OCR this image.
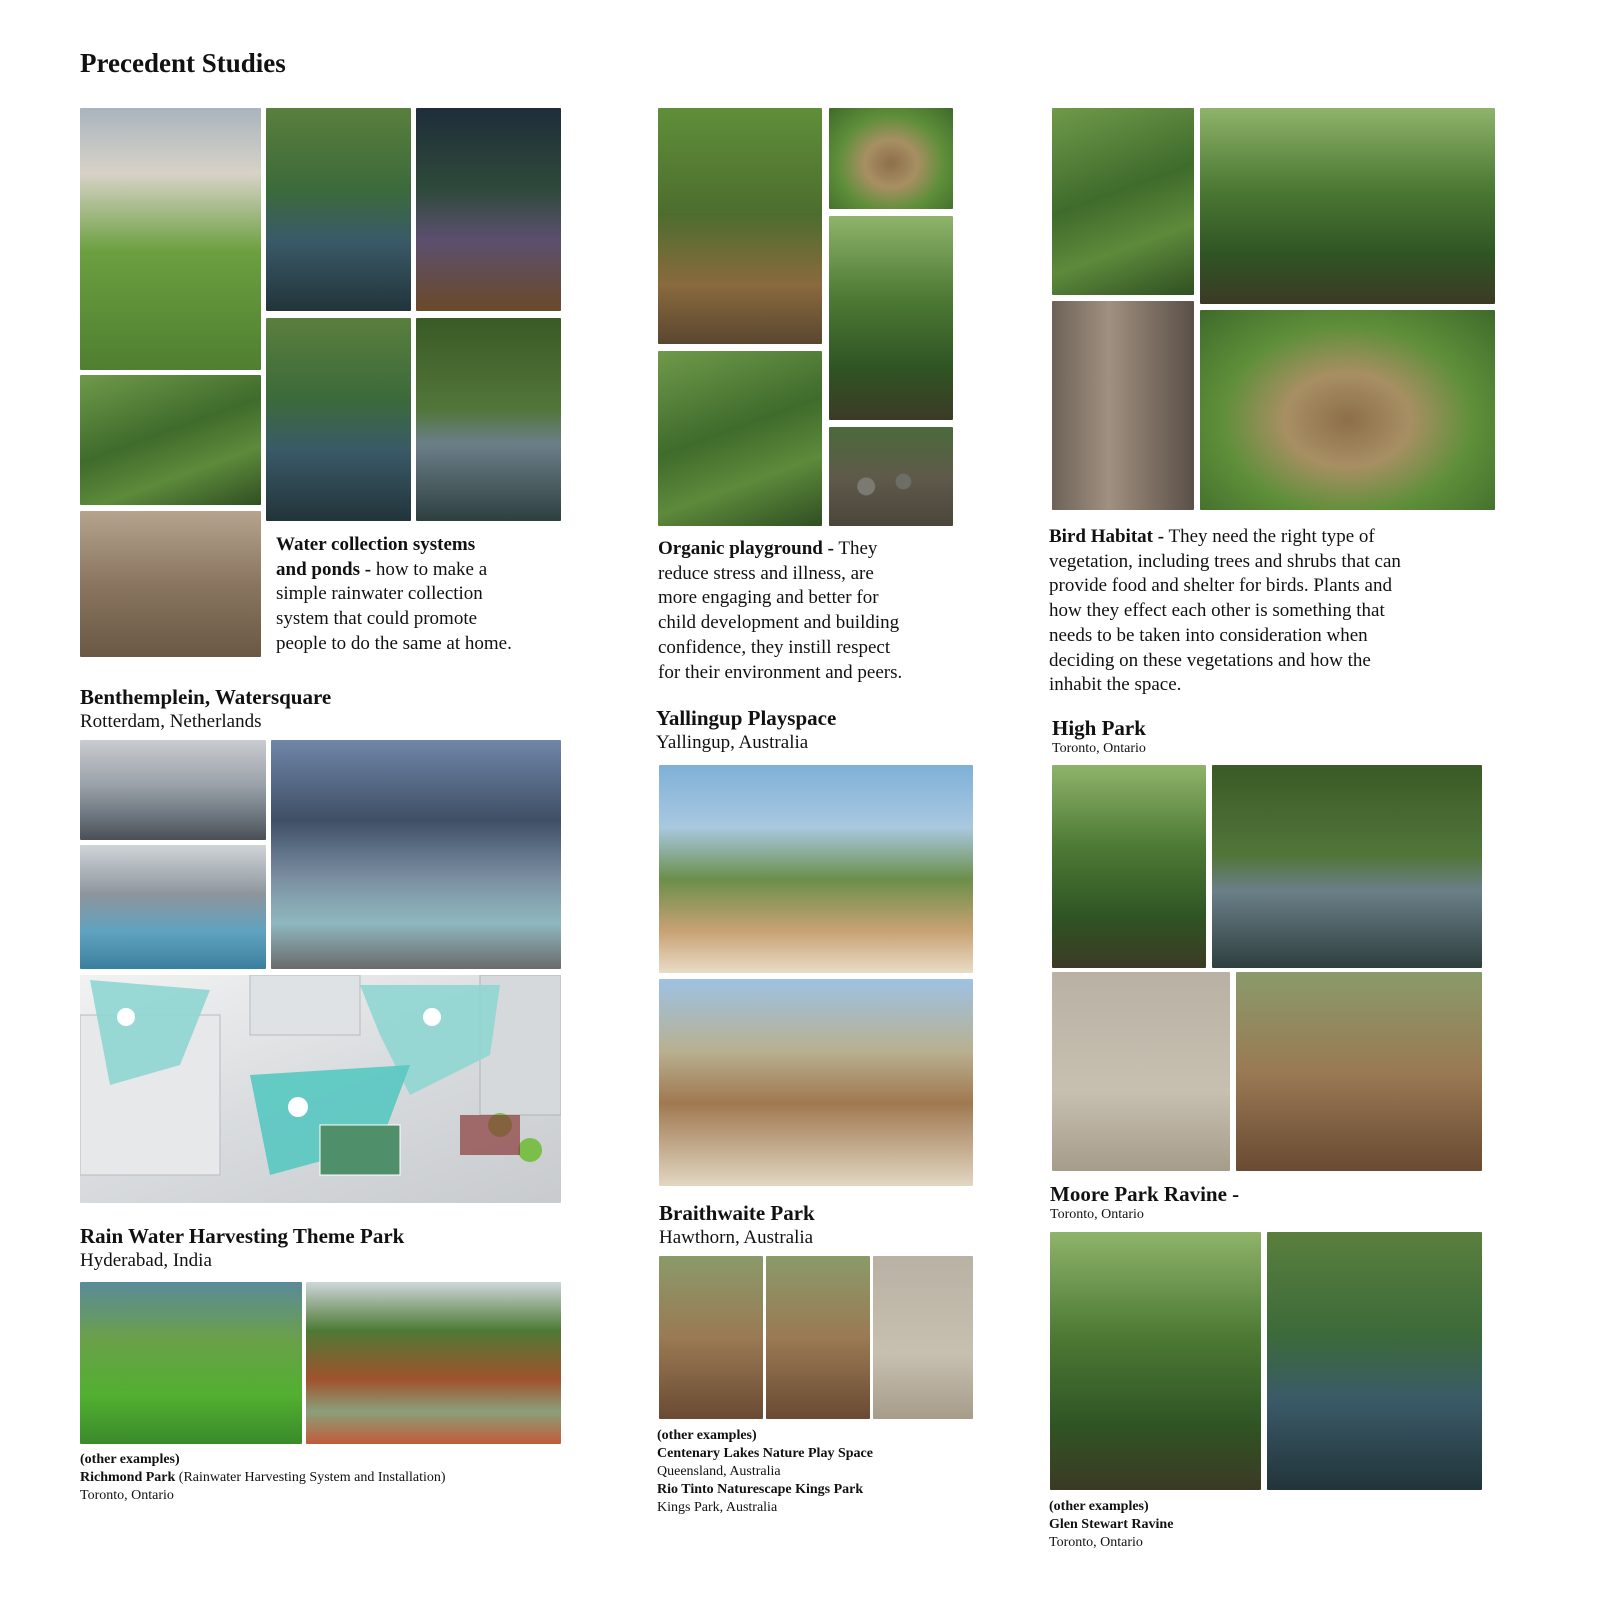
Precedent Studies
Water collection systems
and ponds - how to make a
simple rainwater collection
system that could promote
people to do the same at home.
Benthemplein, Watersquare
Rotterdam, Netherlands
Rain Water Harvesting Theme Park
Hyderabad, India
(other examples)
Richmond Park (Rainwater Harvesting System and Installation)
Toronto, Ontario
Organic playground - They
reduce stress and illness, are
more engaging and better for
child development and building
confidence, they instill respect
for their environment and peers.
Yallingup Playspace
Yallingup, Australia
Braithwaite Park
Hawthorn, Australia
(other examples)
Centenary Lakes Nature Play Space
Queensland, Australia
Rio Tinto Naturescape Kings Park
Kings Park, Australia
Bird Habitat - They need the right type of
vegetation, including trees and shrubs that can
provide food and shelter for birds. Plants and
how they effect each other is something that
needs to be taken into consideration when
deciding on these vegetations and how the
inhabit the space.
High Park
Toronto, Ontario
Moore Park Ravine -
Toronto, Ontario
(other examples)
Glen Stewart Ravine
Toronto, Ontario
